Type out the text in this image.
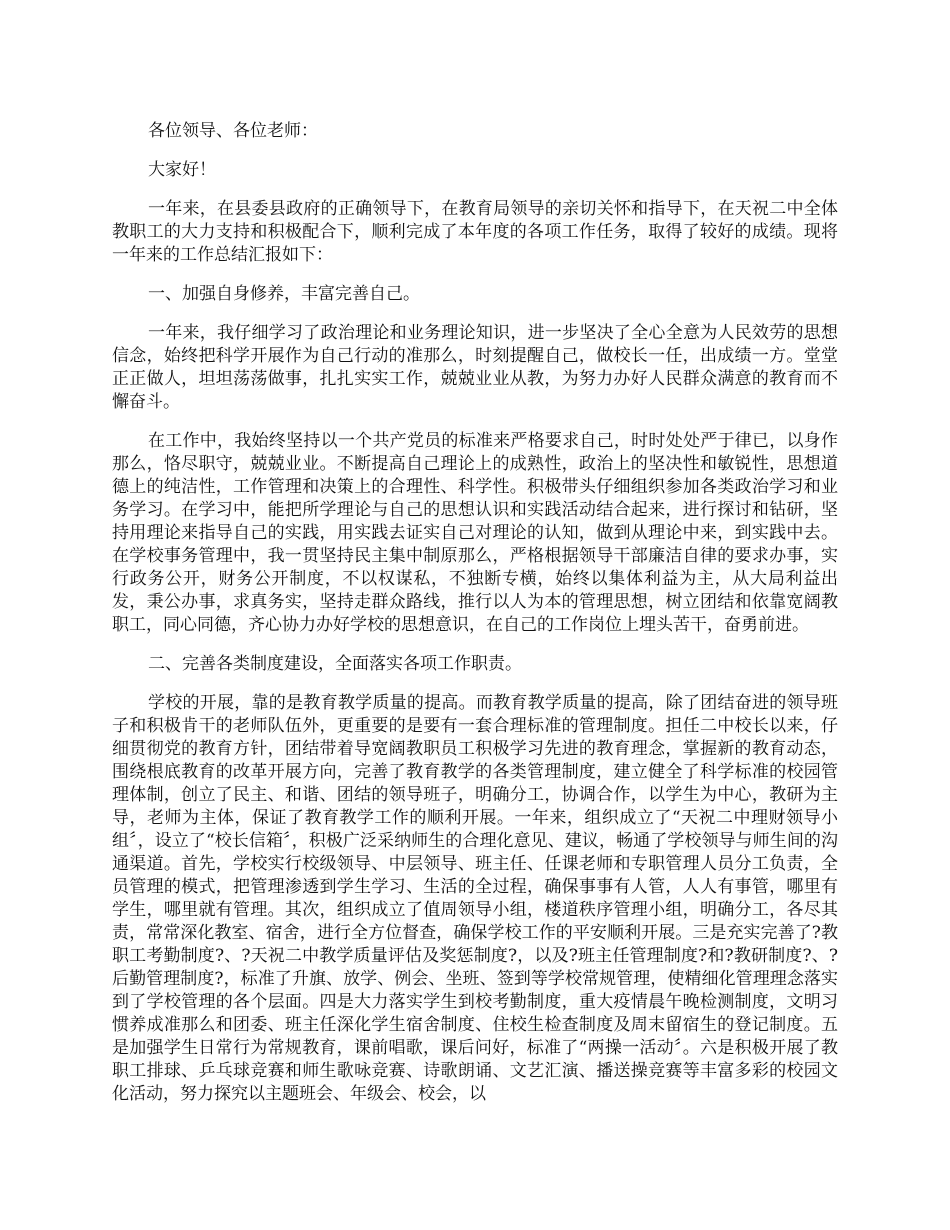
各位领导、各位老师：

大家好！

一年来，在县委县政府的正确领导下，在教育局领导的亲切关怀和指导下，在天祝二中全体教职工的大力支持和积极配合下，顺利完成了本年度的各项工作任务，取得了较好的成绩。现将一年来的工作总结汇报如下：

一、加强自身修养，丰富完善自己。

一年来，我仔细学习了政治理论和业务理论知识，进一步坚决了全心全意为人民效劳的思想信念，始终把科学开展作为自己行动的准那么，时刻提醒自己，做校长一任，出成绩一方。堂堂正正做人，坦坦荡荡做事，扎扎实实工作，兢兢业业从教，为努力办好人民群众满意的教育而不懈奋斗。

在工作中，我始终坚持以一个共产党员的标准来严格要求自己，时时处处严于律已，以身作那么，恪尽职守，兢兢业业。不断提高自己理论上的成熟性，政治上的坚决性和敏锐性，思想道德上的纯洁性，工作管理和决策上的合理性、科学性。积极带头仔细组织参加各类政治学习和业务学习。在学习中，能把所学理论与自己的思想认识和实践活动结合起来，进行探讨和钻研，坚持用理论来指导自己的实践，用实践去证实自己对理论的认知，做到从理论中来，到实践中去。在学校事务管理中，我一贯坚持民主集中制原那么，严格根据领导干部廉洁自律的要求办事，实行政务公开，财务公开制度，不以权谋私，不独断专横，始终以集体利益为主，从大局利益出发，秉公办事，求真务实，坚持走群众路线，推行以人为本的管理思想，树立团结和依靠宽阔教职工，同心同德，齐心协力办好学校的思想意识，在自己的工作岗位上埋头苦干，奋勇前进。

二、完善各类制度建设，全面落实各项工作职责。

学校的开展，靠的是教育教学质量的提高。而教育教学质量的提高，除了团结奋进的领导班子和积极肯干的老师队伍外，更重要的是要有一套合理标准的管理制度。担任二中校长以来，仔细贯彻党的教育方针，团结带着导宽阔教职员工积极学习先进的教育理念，掌握新的教育动态，围绕根底教育的改革开展方向，完善了教育教学的各类管理制度，建立健全了科学标准的校园管理体制，创立了民主、和谐、团结的领导班子，明确分工，协调合作，以学生为中心，教研为主导，老师为主体，保证了教育教学工作的顺利开展。一年来，组织成立了“天祝二中理财领导小组〞，设立了“校长信箱〞，积极广泛采纳师生的合理化意见、建议，畅通了学校领导与师生间的沟通渠道。首先，学校实行校级领导、中层领导、班主任、任课老师和专职管理人员分工负责，全员管理的模式，把管理渗透到学生学习、生活的全过程，确保事事有人管，人人有事管，哪里有学生，哪里就有管理。其次，组织成立了值周领导小组，楼道秩序管理小组，明确分工，各尽其责，常常深化教室、宿舍，进行全方位督查，确保学校工作的平安顺利开展。三是充实完善了?教职工考勤制度?、?天祝二中教学质量评估及奖惩制度?，以及?班主任管理制度?和?教研制度?、?后勤管理制度?，标准了升旗、放学、例会、坐班、签到等学校常规管理，使精细化管理理念落实到了学校管理的各个层面。四是大力落实学生到校考勤制度，重大疫情晨午晚检测制度，文明习惯养成准那么和团委、班主任深化学生宿舍制度、住校生检查制度及周末留宿生的登记制度。五是加强学生日常行为常规教育，课前唱歌，课后问好，标准了“两操一活动〞。六是积极开展了教职工排球、乒乓球竞赛和师生歌咏竞赛、诗歌朗诵、文艺汇演、播送操竞赛等丰富多彩的校园文化活动，努力探究以主题班会、年级会、校会，以
